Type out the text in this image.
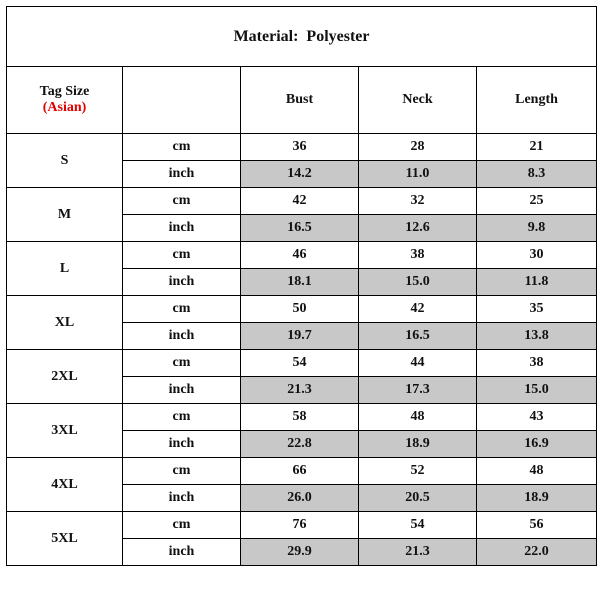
Material: Polyester				

Tag Size
(Asian)		Bust	Neck	Length
S	cm	36	28	21
	inch	14.2	11.0	8.3
M	cm	42	32	25
	inch	16.5	12.6	9.8
L	cm	46	38	30
	inch	18.1	15.0	11.8
XL	cm	50	42	35
	inch	19.7	16.5	13.8
2XL	cm	54	44	38
	inch	21.3	17.3	15.0
3XL	cm	58	48	43
	inch	22.8	18.9	16.9
4XL	cm	66	52	48
	inch	26.0	20.5	18.9
5XL	cm	76	54	56
	inch	29.9	21.3	22.0
